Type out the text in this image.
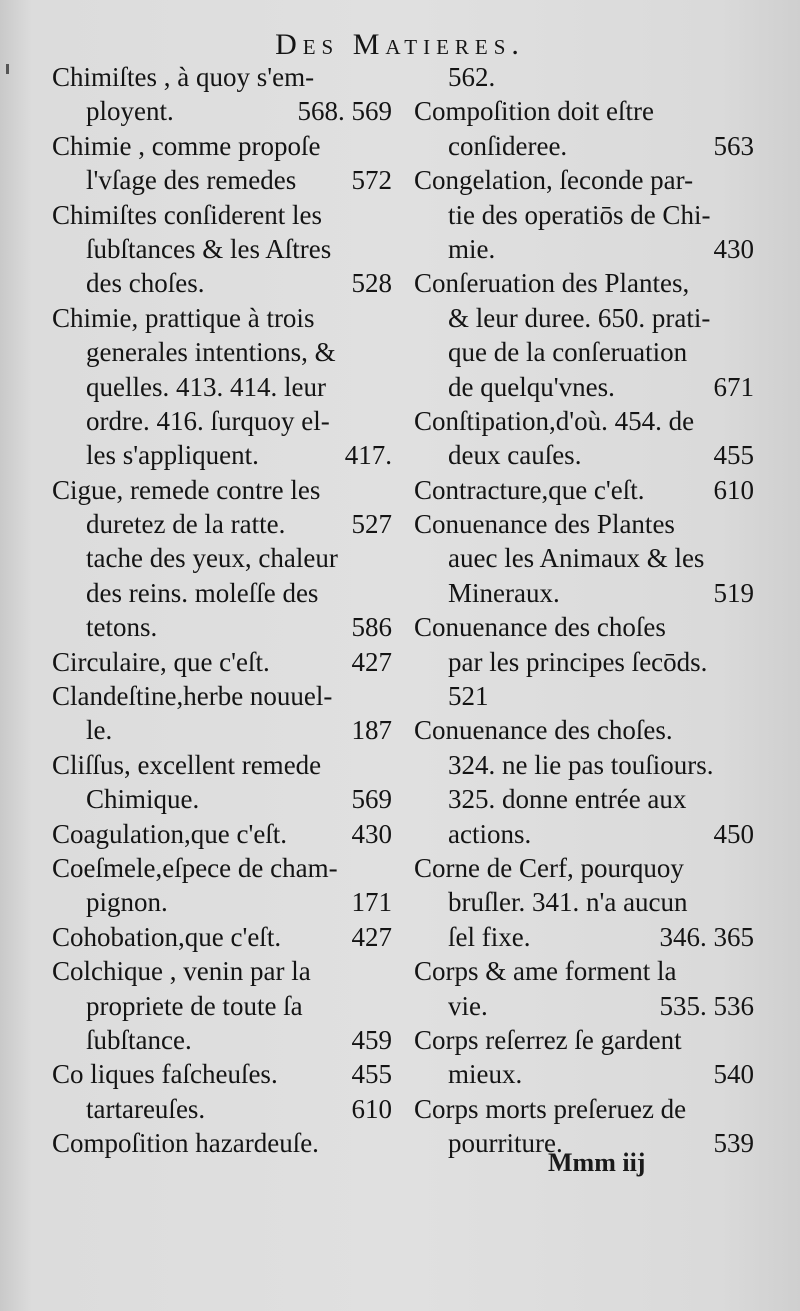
Des Matieres.
Chimiſtes , à quoy s'em-
ployent.	568. 569
Chimie , comme propoſe
l'vſage des remedes 572
Chimiſtes conſiderent les
ſubſtances & les Aſtres
des choſes.	528
Chimie, prattique à trois
generales intentions, &
quelles. 413. 414. leur
ordre. 416. ſurquoy el-
les s'appliquent.	417.
Cigue, remede contre les
duretez de la ratte. 527
tache des yeux, chaleur
des reins. moleſſe des
tetons.	586
Circulaire, que c'eſt.	427
Clandeſtine,herbe nouuel-
le.	187
Cliſſus, excellent remede
Chimique.	569
Coagulation,que c'eſt. 430
Coeſmele,eſpece de cham-
pignon.	171
Cohobation,que c'eſt.	427
Colchique , venin par la
propriete de toute ſa
ſubſtance.	459
Co liques faſcheuſes.	455
tartareuſes.	610
Compoſition hazardeuſe.
562.
Compoſition doit eſtre
conſideree.	563
Congelation, ſeconde par-
tie des operatiōs de Chi-
mie.	430
Conſeruation des Plantes,
& leur duree. 650. prati-
que de la conſeruation
de quelqu'vnes.	671
Conſtipation,d'où. 454. de
deux cauſes.	455
Contracture,que c'eſt.	610
Conuenance des Plantes
auec les Animaux & les
Mineraux.	519
Conuenance des choſes
par les principes ſecōds.
521
Conuenance des choſes.
324. ne lie pas touſiours.
325. donne entrée aux
actions.	450
Corne de Cerf, pourquoy
bruſler. 341. n'a aucun
ſel fixe.	346. 365
Corps & ame forment la
vie.	535. 536
Corps reſerrez ſe gardent
mieux.	540
Corps morts preſeruez de
pourriture.	539
Mmm iij
